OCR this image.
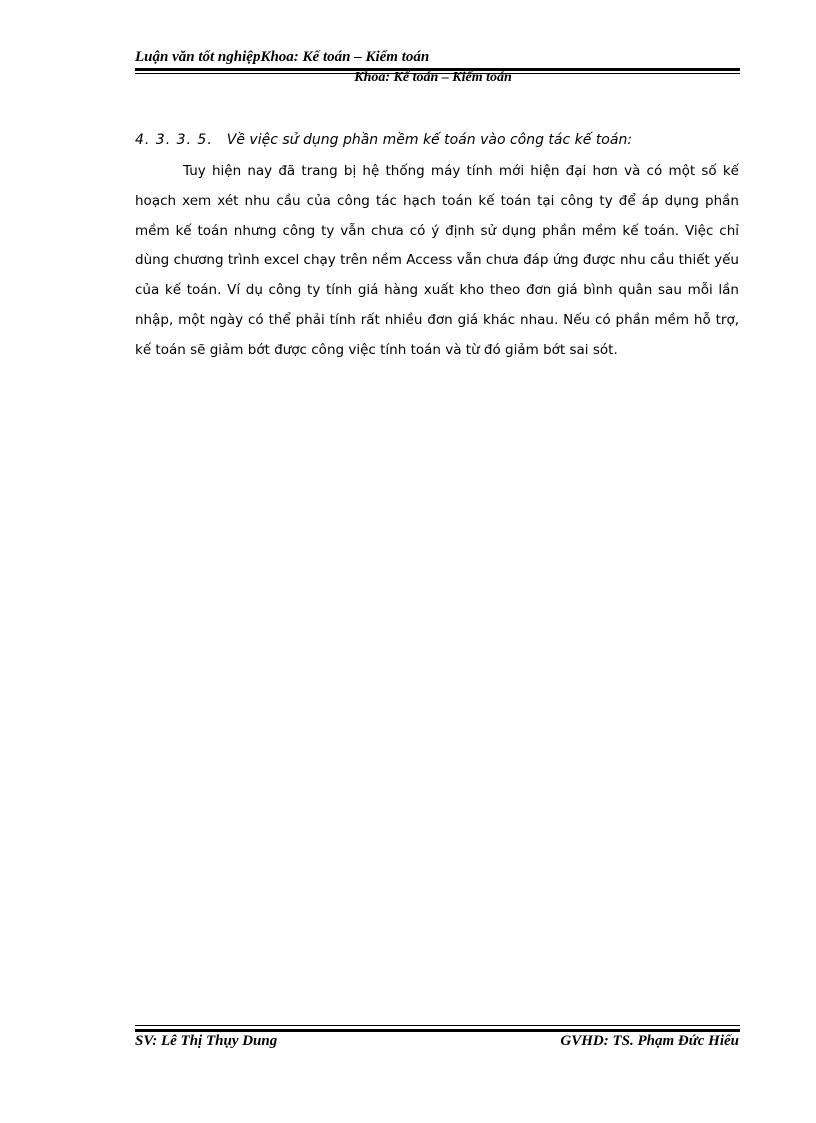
Luận văn tốt nghiệpKhoa: Kế toán – Kiểm toán
Khoa: Kế toán – Kiểm toán
4. 3. 3. 5. Về việc sử dụng phần mềm kế toán vào công tác kế toán:

Tuy hiện nay đã trang bị hệ thống máy tính mới hiện đại hơn và có một số kế hoạch xem xét nhu cầu của công tác hạch toán kế toán tại công ty để áp dụng phần mềm kế toán nhưng công ty vẫn chưa có ý định sử dụng phần mềm kế toán. Việc chỉ dùng chương trình excel chạy trên nềm Access vẫn chưa đáp ứng được nhu cầu thiết yếu của kế toán. Ví dụ công ty tính giá hàng xuất kho theo đơn giá bình quân sau mỗi lần nhập, một ngày có thể phải tính rất nhiều đơn giá khác nhau. Nếu có phần mềm hỗ trợ, kế toán sẽ giảm bớt được công việc tính toán và từ đó giảm bớt sai sót.

SV: Lê Thị Thụy Dung	GVHD: TS. Phạm Đức Hiếu
